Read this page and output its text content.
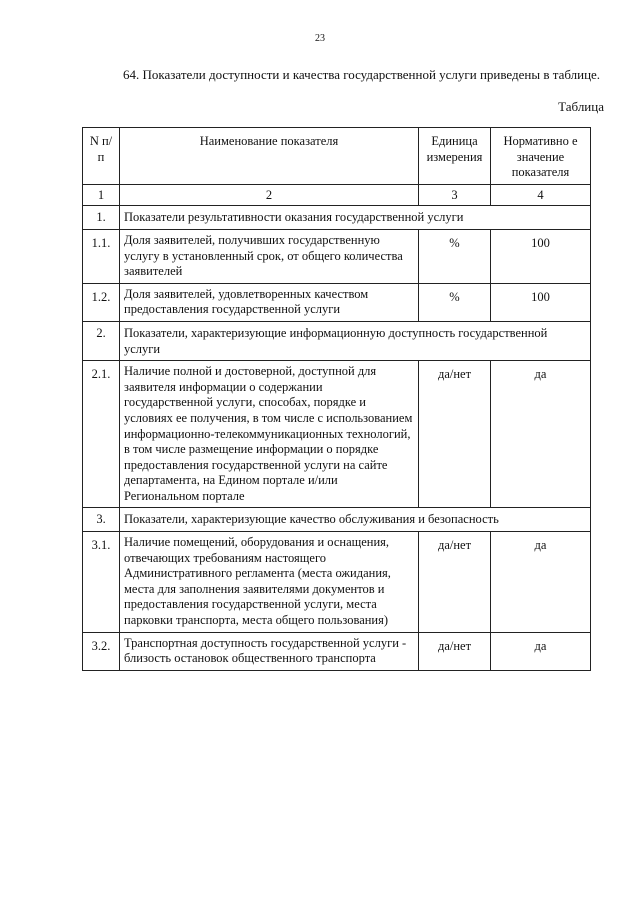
23
64. Показатели доступности и качества государственной услуги приведены в таблице.
Таблица
N п/п	Наименование показателя	Единица измерения	Нормативно е значение показателя
1	2	3	4
1.	Показатели результативности оказания государственной услуги		
1.1.	Доля заявителей, получивших государственную услугу в установленный срок, от общего количества заявителей	%	100
1.2.	Доля заявителей, удовлетворенных качеством предоставления государственной услуги	%	100
2.	Показатели, характеризующие информационную доступность государственной услуги		
2.1.	Наличие полной и достоверной, доступной для заявителя информации о содержании государственной услуги, способах, порядке и условиях ее получения, в том числе с использованием информационно-телекоммуникационных технологий, в том числе размещение информации о порядке предоставления государственной услуги на сайте департамента, на Едином портале и/или Региональном портале	да/нет	да
3.	Показатели, характеризующие качество обслуживания и безопасность		
3.1.	Наличие помещений, оборудования и оснащения, отвечающих требованиям настоящего Административного регламента (места ожидания, места для заполнения заявителями документов и предоставления государственной услуги, места парковки транспорта, места общего пользования)	да/нет	да
3.2.	Транспортная доступность государственной услуги - близость остановок общественного транспорта	да/нет	да
